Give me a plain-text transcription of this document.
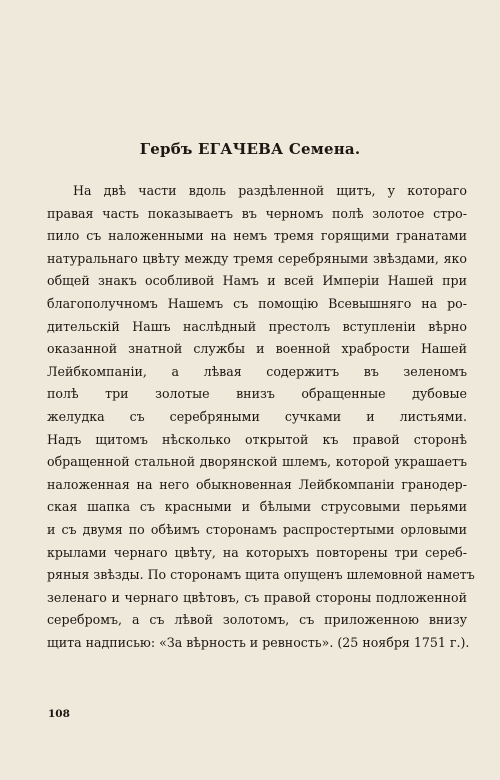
Гербъ ЕГАЧЕВА Семена.
На двѣ части вдоль раздѣленной щитъ, у котораго
правая часть показываетъ въ черномъ полѣ золотое стро-
пило съ наложенными на немъ тремя горящими гранатами
натуральнаго цвѣту между тремя серебряными звѣздами, яко
общей знакъ особливой Намъ и всей Имперіи Нашей при
благополучномъ Нашемъ съ помощію Всевышняго на ро-
дительскій Нашъ наслѣдный престолъ вступленіи вѣрно
оказанной знатной службы и военной храбрости Нашей
Лейбкомпаніи, а лѣвая содержитъ въ зеленомъ
полѣ три золотые внизъ обращенные дубовые
желудка съ серебряными сучками и листьями.
Надъ щитомъ нѣсколько открытой къ правой сторонѣ
обращенной стальной дворянской шлемъ, которой украшаетъ
наложенная на него обыкновенная Лейбкомпаніи гранодер-
ская шапка съ красными и бѣлыми струсовыми перьями
и съ двумя по обѣимъ сторонамъ распростертыми орловыми
крылами чернаго цвѣту, на которыхъ повторены три сереб-
ряныя звѣзды. По сторонамъ щита опущенъ шлемовной наметъ
зеленаго и чернаго цвѣтовъ, съ правой стороны подложенной
серебромъ, а съ лѣвой золотомъ, съ приложенною внизу
щита надписью: «За вѣрность и ревность». (25 ноября 1751 г.).
108
